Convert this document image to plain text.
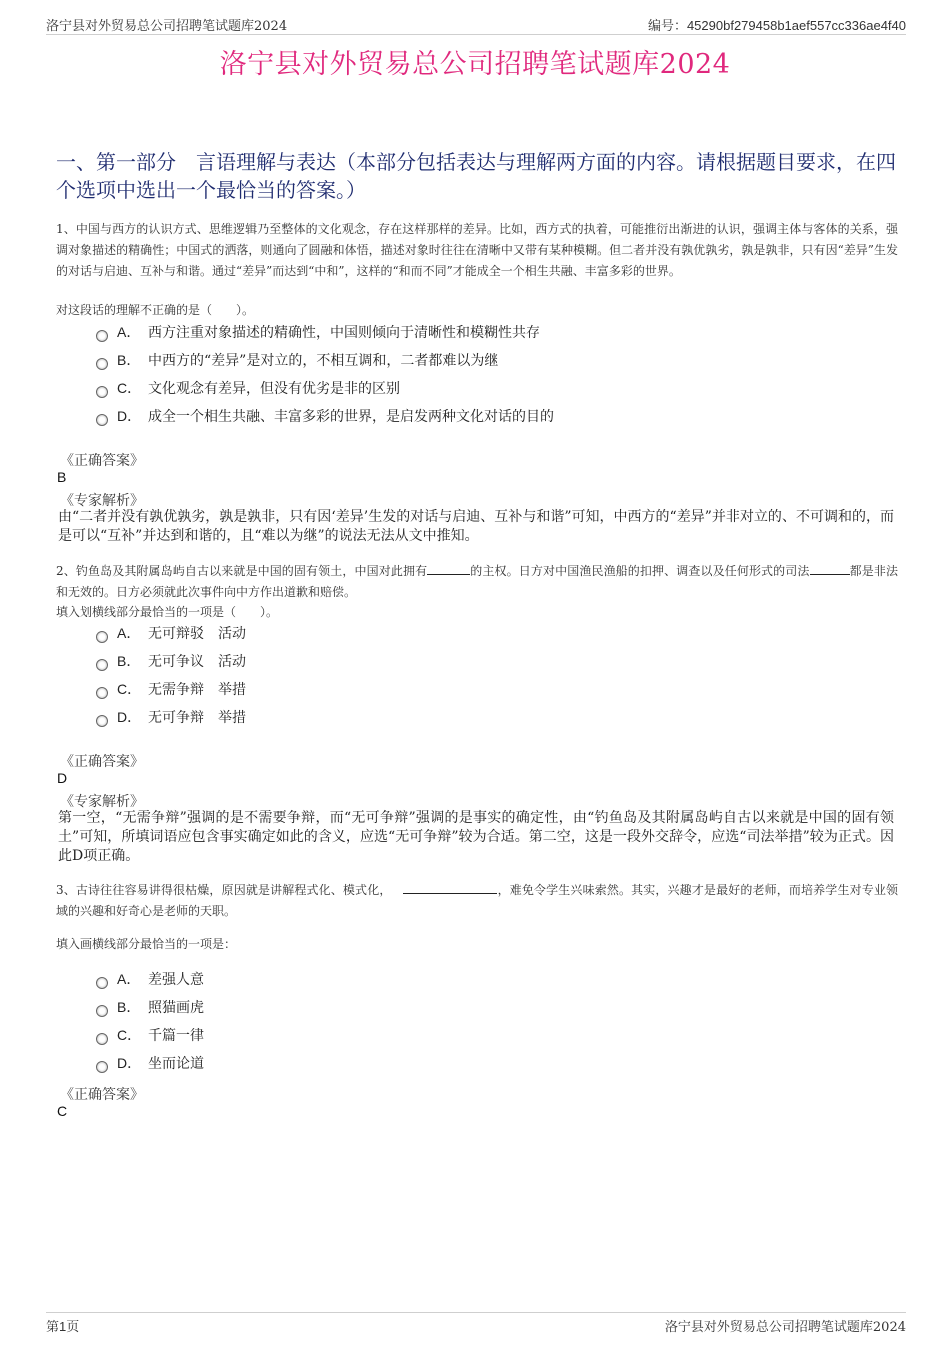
洛宁县对外贸易总公司招聘笔试题库2024	编号：45290bf279458b1aef557cc336ae4f40
洛宁县对外贸易总公司招聘笔试题库2024
一、第一部分　言语理解与表达（本部分包括表达与理解两方面的内容。请根据题目要求，在四个选项中选出一个最恰当的答案。）
1、中国与西方的认识方式、思维逻辑乃至整体的文化观念，存在这样那样的差异。比如，西方式的执着，可能推衍出渐进的认识，强调主体与客体的关系，强调对象描述的精确性；中国式的洒落，则通向了圆融和体悟，描述对象时往往在清晰中又带有某种模糊。但二者并没有孰优孰劣，孰是孰非，只有因“差异”生发的对话与启迪、互补与和谐。通过“差异”而达到“中和”，这样的“和而不同”才能成全一个相生共融、丰富多彩的世界。
对这段话的理解不正确的是（　　）。
A． 西方注重对象描述的精确性，中国则倾向于清晰性和模糊性共存
B． 中西方的“差异”是对立的，不相互调和，二者都难以为继
C． 文化观念有差异，但没有优劣是非的区别
D． 成全一个相生共融、丰富多彩的世界，是启发两种文化对话的目的
《正确答案》
B
《专家解析》
由“二者并没有孰优孰劣，孰是孰非，只有因‘差异’生发的对话与启迪、互补与和谐”可知，中西方的“差异”并非对立的、不可调和的，而是可以“互补”并达到和谐的，且“难以为继”的说法无法从文中推知。
2、钓鱼岛及其附属岛屿自古以来就是中国的固有领土，中国对此拥有	的主权。日方对中国渔民渔船的扣押、调查以及任何形式的司法	都是非法和无效的。日方必须就此次事件向中方作出道歉和赔偿。
填入划横线部分最恰当的一项是（　　）。
A． 无可辩驳　活动
B． 无可争议　活动
C． 无需争辩　举措
D． 无可争辩　举措
《正确答案》
D
《专家解析》
第一空，“无需争辩”强调的是不需要争辩，而“无可争辩”强调的是事实的确定性，由“钓鱼岛及其附属岛屿自古以来就是中国的固有领土”可知，所填词语应包含事实确定如此的含义，应选“无可争辩”较为合适。第二空，这是一段外交辞令，应选“司法举措”较为正式。因此D项正确。
3、古诗往往容易讲得很枯燥，原因就是讲解程式化、模式化，	，难免令学生兴味索然。其实，兴趣才是最好的老师，而培养学生对专业领域的兴趣和好奇心是老师的天职。
填入画横线部分最恰当的一项是：
A． 差强人意
B． 照猫画虎
C． 千篇一律
D． 坐而论道
《正确答案》
C
第1页	洛宁县对外贸易总公司招聘笔试题库2024
